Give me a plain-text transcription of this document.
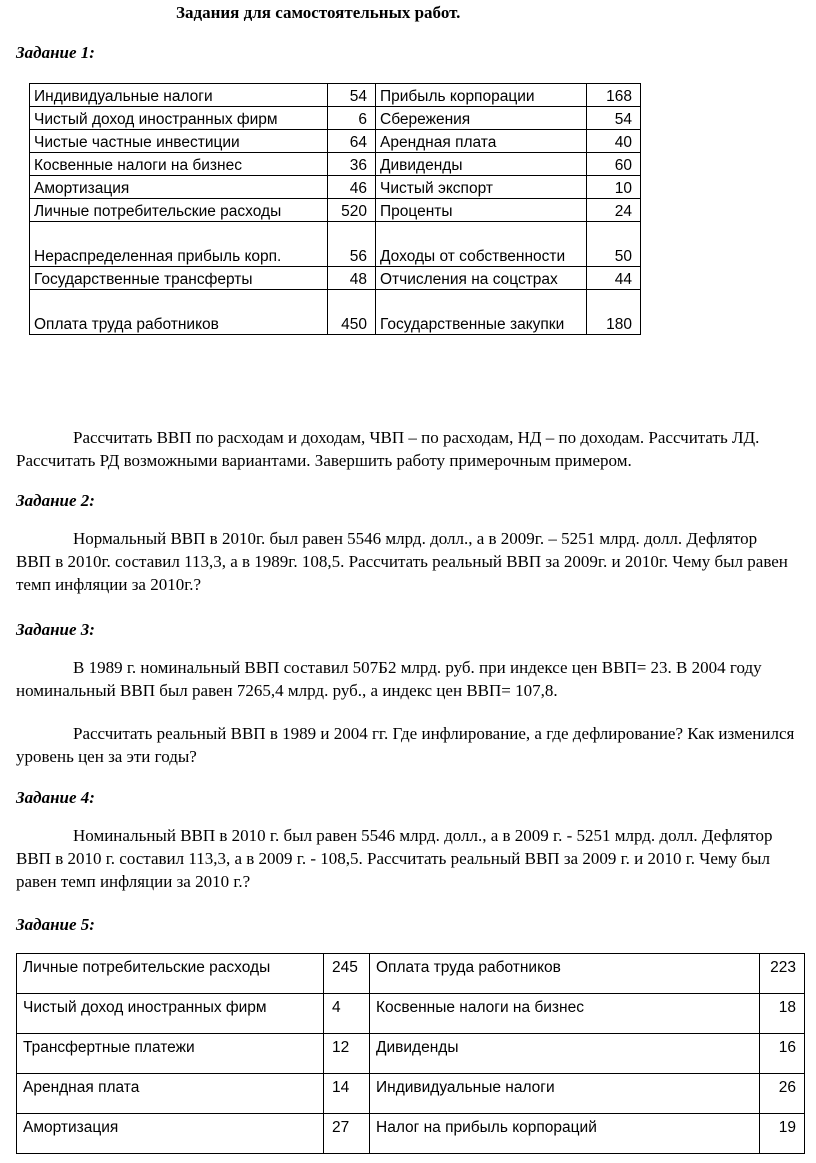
Задания для самостоятельных работ.
Задание 1:
Индивидуальные налоги	54	Прибыль корпорации	168
Чистый доход иностранных фирм	6	Сбережения	54
Чистые частные инвестиции	64	Арендная плата	40
Косвенные налоги на бизнес	36	Дивиденды	60
Амортизация	46	Чистый экспорт	10
Личные потребительские расходы	520	Проценты	24
Нераспределенная прибыль корп.	56	Доходы от собственности	50
Государственные трансферты	48	Отчисления на соцстрах	44
Оплата труда работников	450	Государственные закупки	180
Рассчитать ВВП по расходам и доходам, ЧВП – по расходам, НД – по доходам. Рассчитать ЛД. Рассчитать РД возможными вариантами. Завершить работу примерочным примером.
Задание 2:
Нормальный ВВП в 2010г. был равен 5546 млрд. долл., а в 2009г. – 5251 млрд. долл. Дефлятор ВВП в 2010г. составил 113,3, а в 1989г. 108,5. Рассчитать реальный ВВП за 2009г. и 2010г. Чему был равен темп инфляции за 2010г.?
Задание 3:
В 1989 г. номинальный ВВП составил 507Б2 млрд. руб. при индексе цен ВВП= 23. В 2004 году номинальный ВВП был равен 7265,4 млрд. руб., а индекс цен ВВП= 107,8.
Рассчитать реальный ВВП в 1989 и 2004 гг. Где инфлирование, а где дефлирование? Как изменился уровень цен за эти годы?
Задание 4:
Номинальный ВВП в 2010 г. был равен 5546 млрд. долл., а в 2009 г. - 5251 млрд. долл. Дефлятор ВВП в 2010 г. составил 113,3, а в 2009 г. - 108,5. Рассчитать реальный ВВП за 2009 г. и 2010 г. Чему был равен темп инфляции за 2010 г.?
Задание 5:
Личные потребительские расходы	245	Оплата труда работников	223
Чистый доход иностранных фирм	4	Косвенные налоги на бизнес	18
Трансфертные платежи	12	Дивиденды	16
Арендная плата	14	Индивидуальные налоги	26
Амортизация	27	Налог на прибыль корпораций	19
